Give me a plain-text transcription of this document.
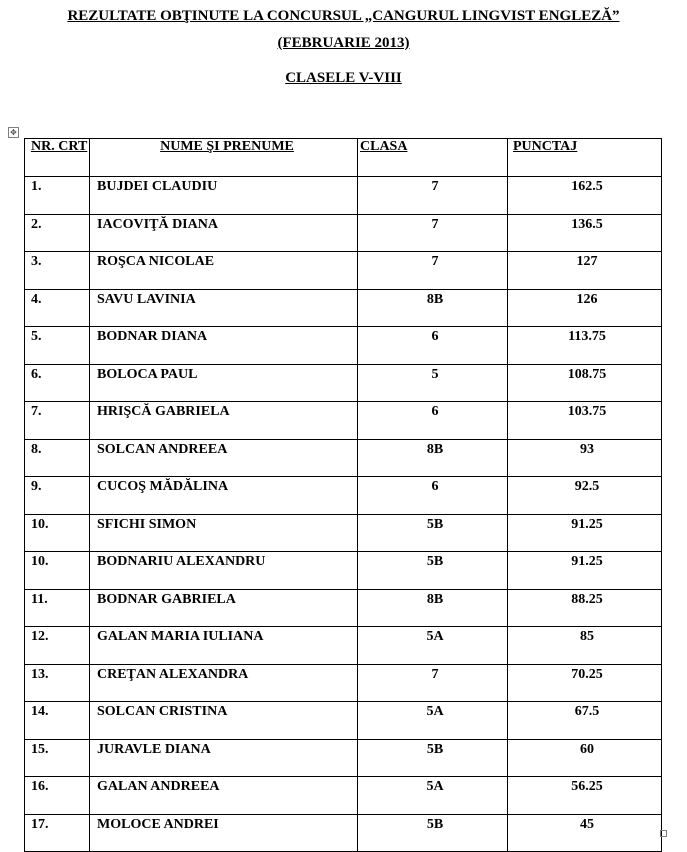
REZULTATE OBŢINUTE LA CONCURSUL „CANGURUL LINGVIST ENGLEZĂ”
(FEBRUARIE 2013)
CLASELE V-VIII
✥
NR. CRT	NUME ŞI PRENUME	CLASA	PUNCTAJ

1.	BUJDEI CLAUDIU	7	162.5

2.	IACOVIŢĂ DIANA	7	136.5

3.	ROŞCA NICOLAE	7	127

4.	SAVU LAVINIA	8B	126

5.	BODNAR DIANA	6	113.75

6.	BOLOCA PAUL	5	108.75

7.	HRIŞCĂ GABRIELA	6	103.75

8.	SOLCAN ANDREEA	8B	93

9.	CUCOŞ MĂDĂLINA	6	92.5

10.	SFICHI SIMON	5B	91.25

10.	BODNARIU ALEXANDRU	5B	91.25

11.	BODNAR GABRIELA	8B	88.25

12.	GALAN MARIA IULIANA	5A	85

13.	CREŢAN ALEXANDRA	7	70.25

14.	SOLCAN CRISTINA	5A	67.5

15.	JURAVLE DIANA	5B	60

16.	GALAN ANDREEA	5A	56.25

17.	MOLOCE ANDREI	5B	45
